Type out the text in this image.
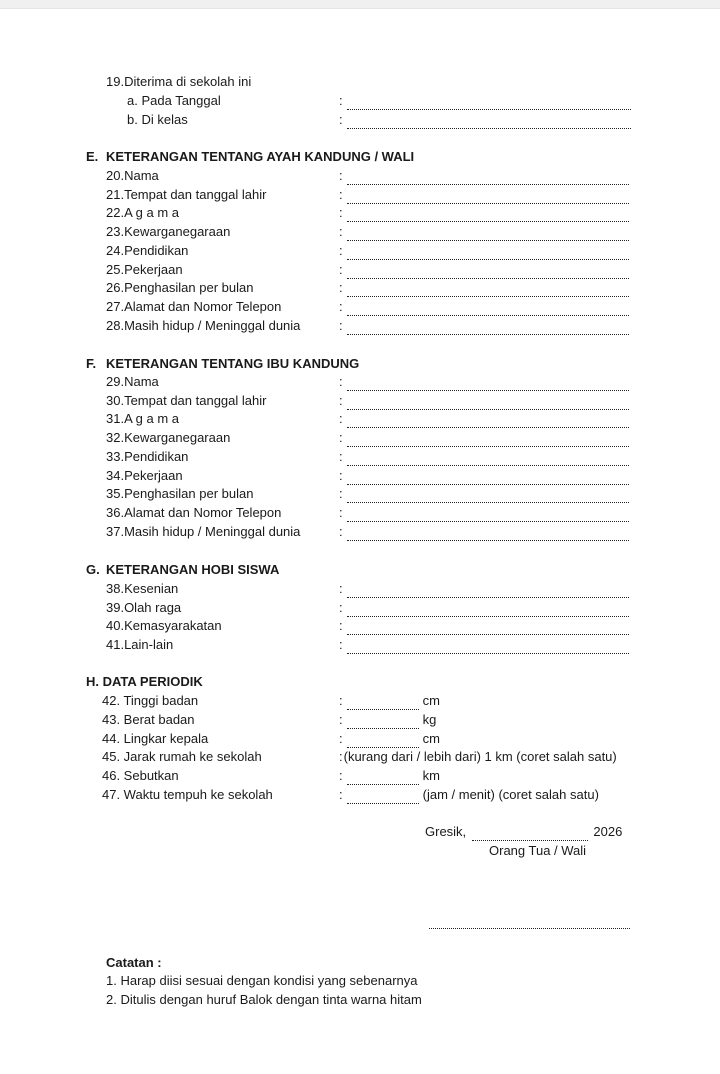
19.Diterima di sekolah ini
a. Pada Tanggal	:
b. Di kelas	:
E. KETERANGAN TENTANG AYAH KANDUNG / WALI
20.Nama	:
21.Tempat dan tanggal lahir	:
22.A g a m a	:
23.Kewarganegaraan	:
24.Pendidikan	:
25.Pekerjaan	:
26.Penghasilan per bulan	:
27.Alamat dan Nomor Telepon	:
28.Masih hidup / Meninggal dunia	:
F. KETERANGAN TENTANG IBU KANDUNG
29.Nama	:
30.Tempat dan tanggal lahir	:
31.A g a m a	:
32.Kewarganegaraan	:
33.Pendidikan	:
34.Pekerjaan	:
35.Penghasilan per bulan	:
36.Alamat dan Nomor Telepon	:
37.Masih hidup / Meninggal dunia	:
G. KETERANGAN HOBI SISWA
38.Kesenian	:
39.Olah raga	:
40.Kemasyarakatan	:
41.Lain-lain	:
H. DATA PERIODIK
42. Tinggi badan	:	cm
43. Berat badan	:	kg
44. Lingkar kepala	:	cm
45. Jarak rumah ke sekolah	:(kurang dari / lebih dari) 1 km (coret salah satu)
46. Sebutkan	:	km
47. Waktu tempuh ke sekolah	:	(jam / menit) (coret salah satu)
Gresik,	2026
Orang Tua / Wali
Catatan :
1. Harap diisi sesuai dengan kondisi yang sebenarnya
2. Ditulis dengan huruf Balok dengan tinta warna hitam
